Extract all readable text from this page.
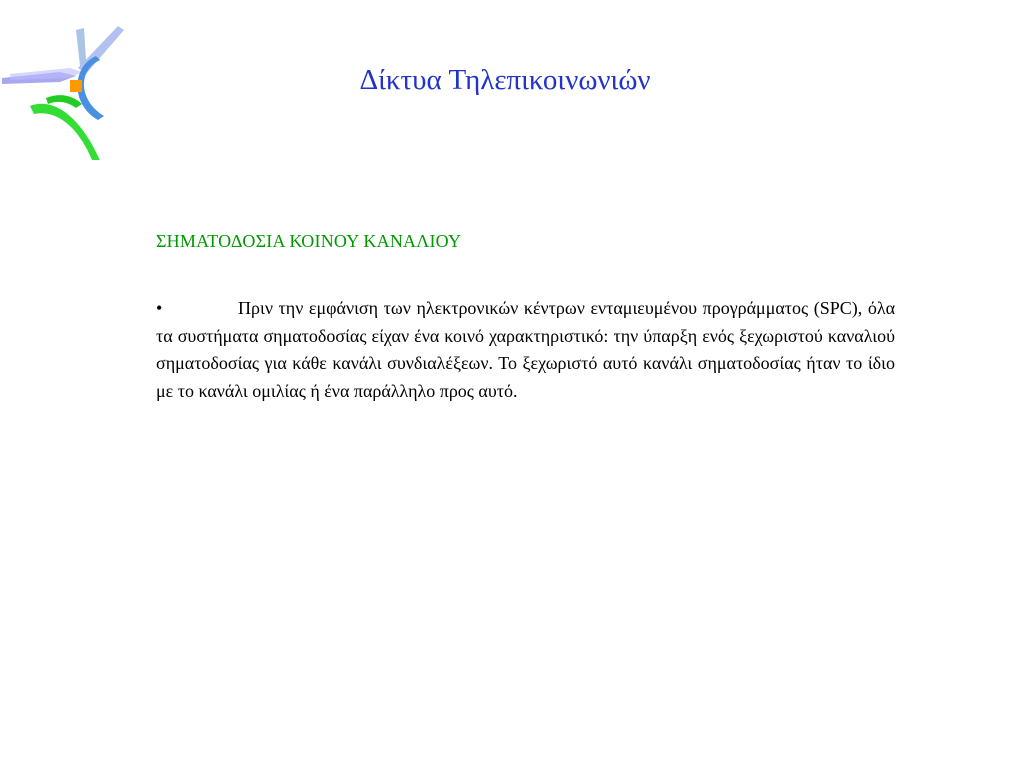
Δίκτυα Τηλεπικοινωνιών
ΣΗΜΑΤΟΔΟΣΙΑ ΚΟΙΝΟΥ ΚΑΝΑΛΙΟΥ

•	Πριν την εμφάνιση των ηλεκτρονικών κέντρων ενταμιευμένου προγράμματος (SPC), όλα τα συστήματα σηματοδοσίας είχαν ένα κοινό χαρακτηριστικό: την ύπαρξη ενός ξεχωριστού καναλιού σηματοδοσίας για κάθε κανάλι συνδιαλέξεων. Το ξεχωριστό αυτό κανάλι σηματοδοσίας ήταν το ίδιο με το κανάλι ομιλίας ή ένα παράλληλο προς αυτό.
